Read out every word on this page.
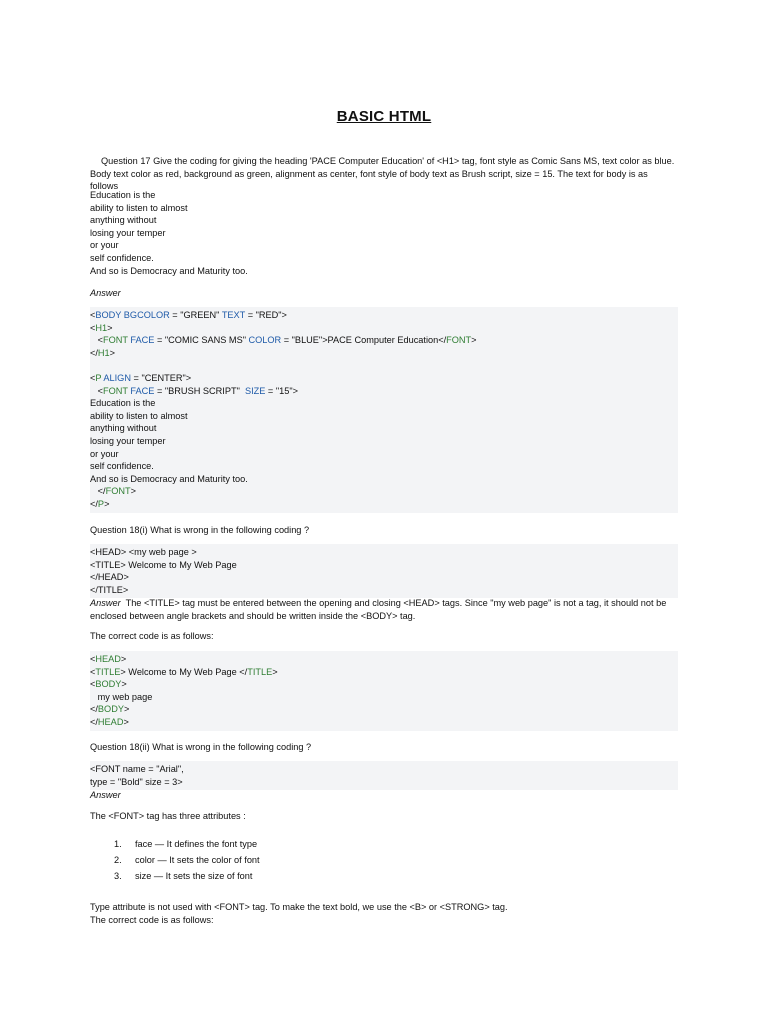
BASIC HTML
Question 17 Give the coding for giving the heading 'PACE Computer Education' of <H1> tag, font style as Comic Sans MS, text color as blue. Body text color as red, background as green, alignment as center, font style of body text as Brush script, size = 15. The text for body is as follows
Education is the
ability to listen to almost
anything without
losing your temper
or your
self confidence.
And so is Democracy and Maturity too.
Answer
<BODY BGCOLOR = "GREEN" TEXT = "RED">
<H1>
<FONT FACE = "COMIC SANS MS" COLOR = "BLUE">PACE Computer Education</FONT>
</H1>
<P ALIGN = "CENTER">
<FONT FACE = "BRUSH SCRIPT"  SIZE = "15">
Education is the
ability to listen to almost
anything without
losing your temper
or your
self confidence.
And so is Democracy and Maturity too.
</FONT>
</P>
Question 18(i) What is wrong in the following coding ?
<HEAD> <my web page >
<TITLE> Welcome to My Web Page
</HEAD>
</TITLE>
Answer  The <TITLE> tag must be entered between the opening and closing <HEAD> tags. Since "my web page" is not a tag, it should not be enclosed between angle brackets and should be written inside the <BODY> tag.
The correct code is as follows:
<HEAD>
<TITLE> Welcome to My Web Page </TITLE>
<BODY>
my web page
</BODY>
</HEAD>
Question 18(ii) What is wrong in the following coding ?
<FONT name = "Arial",
type = "Bold" size = 3>
Answer
The <FONT> tag has three attributes :
1. face — It defines the font type
2. color — It sets the color of font
3. size — It sets the size of font
Type attribute is not used with <FONT> tag. To make the text bold, we use the <B> or <STRONG> tag.
The correct code is as follows:
